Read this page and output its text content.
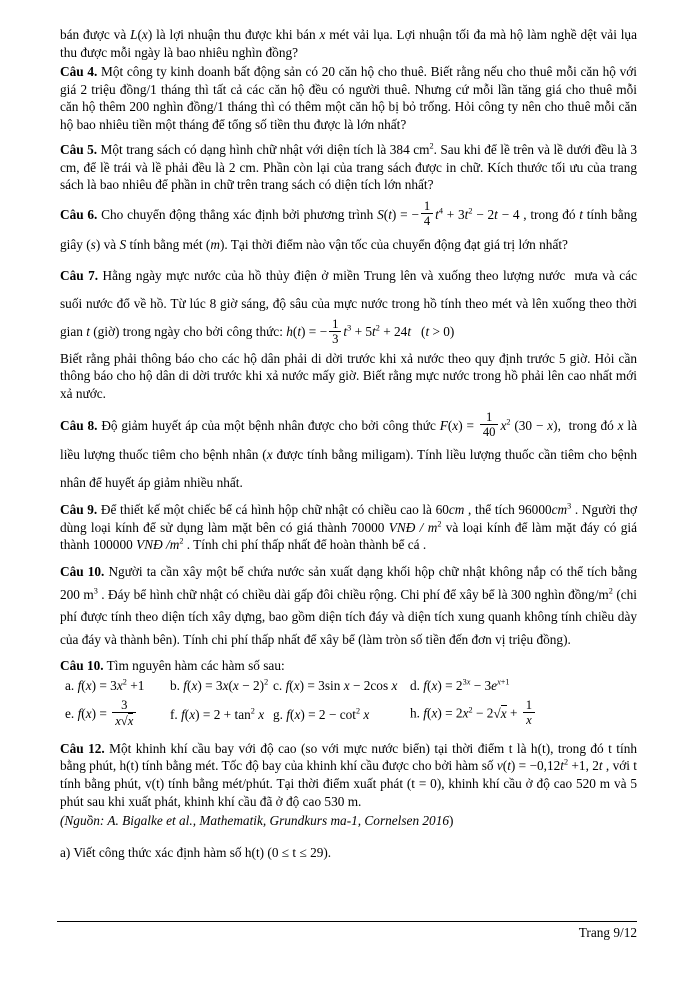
bán được và L(x) là lợi nhuận thu được khi bán x mét vải lụa. Lợi nhuận tối đa mà hộ làm nghề dệt vải lụa thu được mỗi ngày là bao nhiêu nghìn đồng?

Câu 4. Một công ty kinh doanh bất động sản có 20 căn hộ cho thuê. Biết rằng nếu cho thuê mỗi căn hộ với giá 2 triệu đồng/1 tháng thì tất cả các căn hộ đều có người thuê. Nhưng cứ mỗi lần tăng giá cho thuê mỗi căn hộ thêm 200 nghìn đồng/1 tháng thì có thêm một căn hộ bị bỏ trống. Hỏi công ty nên cho thuê mỗi căn hộ bao nhiêu tiền một tháng để tổng số tiền thu được là lớn nhất?

Câu 5. Một trang sách có dạng hình chữ nhật với diện tích là 384 $cm^2$. Sau khi để lề trên và lề dưới đều là 3 cm, để lề trái và lề phải đều là 2 cm. Phần còn lại của trang sách được in chữ. Kích thước tối ưu của trang sách là bao nhiêu để phần in chữ trên trang sách có diện tích lớn nhất?

Câu 6. Cho chuyển động thẳng xác định bởi phương trình S(t) = − $\frac{1}{4} t^4 + 3t^2 - 2t - 4$ , trong đó t tính bằng giây (s) và S tính bằng mét (m). Tại thời điểm nào vận tốc của chuyển động đạt giá trị lớn nhất?

Câu 7. Hằng ngày mực nước của hồ thủy điện ở miền Trung lên và xuống theo lượng nước  mưa và các suối nước đổ về hồ. Từ lúc 8 giờ sáng, độ sâu của mực nước trong hồ tính theo mét và lên xuống theo thời gian t (giờ) trong ngày cho bởi công thức: h(t) = − $\frac{1}{3} t^3 + 5t^2 + 24t$   (t > 0)

Biết rằng phải thông báo cho các hộ dân phải di dời trước khi xả nước theo quy định trước 5 giờ. Hỏi cần thông báo cho hộ dân di dời trước khi xả nước mấy giờ. Biết rằng mực nước trong hồ phải lên cao nhất mới xả nước.

Câu 8. Độ giảm huyết áp của một bệnh nhân được cho bởi công thức $F(x) = \frac{1}{40} x^2$ (30 − x),  trong đó x là liều lượng thuốc tiêm cho bệnh nhân (x được tính bằng miligam). Tính liều lượng thuốc cần tiêm cho bệnh nhân để huyết áp giảm nhiều nhất.

Câu 9. Để thiết kế một chiếc bể cá hình hộp chữ nhật có chiều cao là 60cm , thể tích $96000cm^3$ . Người thợ dùng loại kính để sử dụng làm mặt bên có giá thành 70000 VNĐ / $m^2$ và loại kính để làm mặt đáy có giá thành 100000 VNĐ $/m^2$ . Tính chi phí thấp nhất để hoàn thành bể cá .

Câu 10. Người ta cần xây một bể chứa nước sản xuất dạng khối hộp chữ nhật không nắp có thể tích bằng 200 $m^3$ . Đáy bể hình chữ nhật có chiều dài gấp đôi chiều rộng. Chi phí để xây bể là 300 nghìn đồng/$m^2$ (chi phí được tính theo diện tích xây dựng, bao gồm diện tích đáy và diện tích xung quanh không tính chiều dày của đáy và thành bên). Tính chi phí thấp nhất để xây bể (làm tròn số tiền đến đơn vị triệu đồng).

Câu 10. Tìm nguyên hàm các hàm số sau:

a. $f(x) = 3x^2 +1$	b. $f(x) = 3x(x - 2)^2$ c. f(x) = 3sin x − 2cos x d. $f(x) = 2^{3x} - 3e^{x+1}$
e. $f(x) = \frac{3}{x√x}$	f. $f(x) = 2 + \tan^2 x$ g. $f(x) = 2 - \cot^2 x$	h. $f(x) = 2x^2 - 2√x + \frac{1}{x}$

Câu 12. Một khinh khí cầu bay với độ cao (so với mực nước biển) tại thời điểm t là h(t), trong đó t tính bằng phút, h(t) tính bằng mét. Tốc độ bay của khinh khí cầu được cho bởi hàm số $v(t) = -0,12t^2 +1$, 2t , với t tính bằng phút, v(t) tính bằng mét/phút. Tại thời điểm xuất phát (t = 0), khinh khí cầu ở độ cao 520 m và 5 phút sau khi xuất phát, khinh khí cầu đã ở độ cao 530 m.

(Nguồn: A. Bigalke et al., Mathematik, Grundkurs ma-1, Cornelsen 2016)

a) Viết công thức xác định hàm số h(t) (0 ≤ t ≤ 29).

Trang 9/12
